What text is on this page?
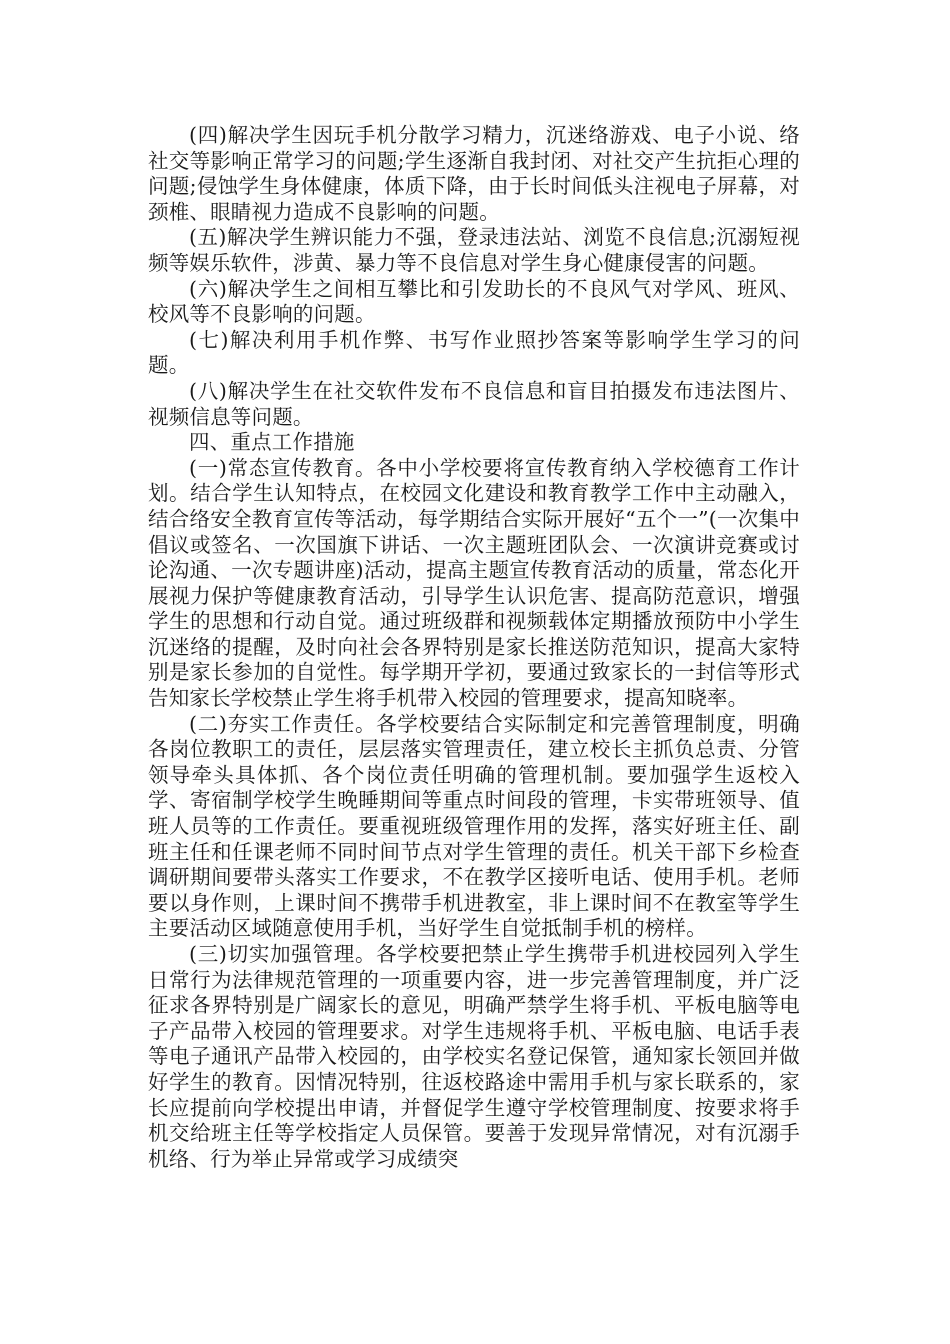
(四)解决学生因玩手机分散学习精力，沉迷络游戏、电子小说、络社交等影响正常学习的问题;学生逐渐自我封闭、对社交产生抗拒心理的问题;侵蚀学生身体健康，体质下降，由于长时间低头注视电子屏幕，对颈椎、眼睛视力造成不良影响的问题。

(五)解决学生辨识能力不强，登录违法站、浏览不良信息;沉溺短视频等娱乐软件，涉黄、暴力等不良信息对学生身心健康侵害的问题。

(六)解决学生之间相互攀比和引发助长的不良风气对学风、班风、校风等不良影响的问题。

(七)解决利用手机作弊、书写作业照抄答案等影响学生学习的问题。

(八)解决学生在社交软件发布不良信息和盲目拍摄发布违法图片、视频信息等问题。

四、重点工作措施

(一)常态宣传教育。各中小学校要将宣传教育纳入学校德育工作计划。结合学生认知特点，在校园文化建设和教育教学工作中主动融入，结合络安全教育宣传等活动，每学期结合实际开展好“五个一”(一次集中倡议或签名、一次国旗下讲话、一次主题班团队会、一次演讲竞赛或讨论沟通、一次专题讲座)活动，提高主题宣传教育活动的质量，常态化开展视力保护等健康教育活动，引导学生认识危害、提高防范意识，增强学生的思想和行动自觉。通过班级群和视频载体定期播放预防中小学生沉迷络的提醒，及时向社会各界特别是家长推送防范知识，提高大家特别是家长参加的自觉性。每学期开学初，要通过致家长的一封信等形式告知家长学校禁止学生将手机带入校园的管理要求，提高知晓率。

(二)夯实工作责任。各学校要结合实际制定和完善管理制度，明确各岗位教职工的责任，层层落实管理责任，建立校长主抓负总责、分管领导牵头具体抓、各个岗位责任明确的管理机制。要加强学生返校入学、寄宿制学校学生晚睡期间等重点时间段的管理，卡实带班领导、值班人员等的工作责任。要重视班级管理作用的发挥，落实好班主任、副班主任和任课老师不同时间节点对学生管理的责任。机关干部下乡检查调研期间要带头落实工作要求，不在教学区接听电话、使用手机。老师要以身作则，上课时间不携带手机进教室，非上课时间不在教室等学生主要活动区域随意使用手机，当好学生自觉抵制手机的榜样。

(三)切实加强管理。各学校要把禁止学生携带手机进校园列入学生日常行为法律规范管理的一项重要内容，进一步完善管理制度，并广泛征求各界特别是广阔家长的意见，明确严禁学生将手机、平板电脑等电子产品带入校园的管理要求。对学生违规将手机、平板电脑、电话手表等电子通讯产品带入校园的，由学校实名登记保管，通知家长领回并做好学生的教育。因情况特别，往返校路途中需用手机与家长联系的，家长应提前向学校提出申请，并督促学生遵守学校管理制度、按要求将手机交给班主任等学校指定人员保管。要善于发现异常情况，对有沉溺手机络、行为举止异常或学习成绩突
